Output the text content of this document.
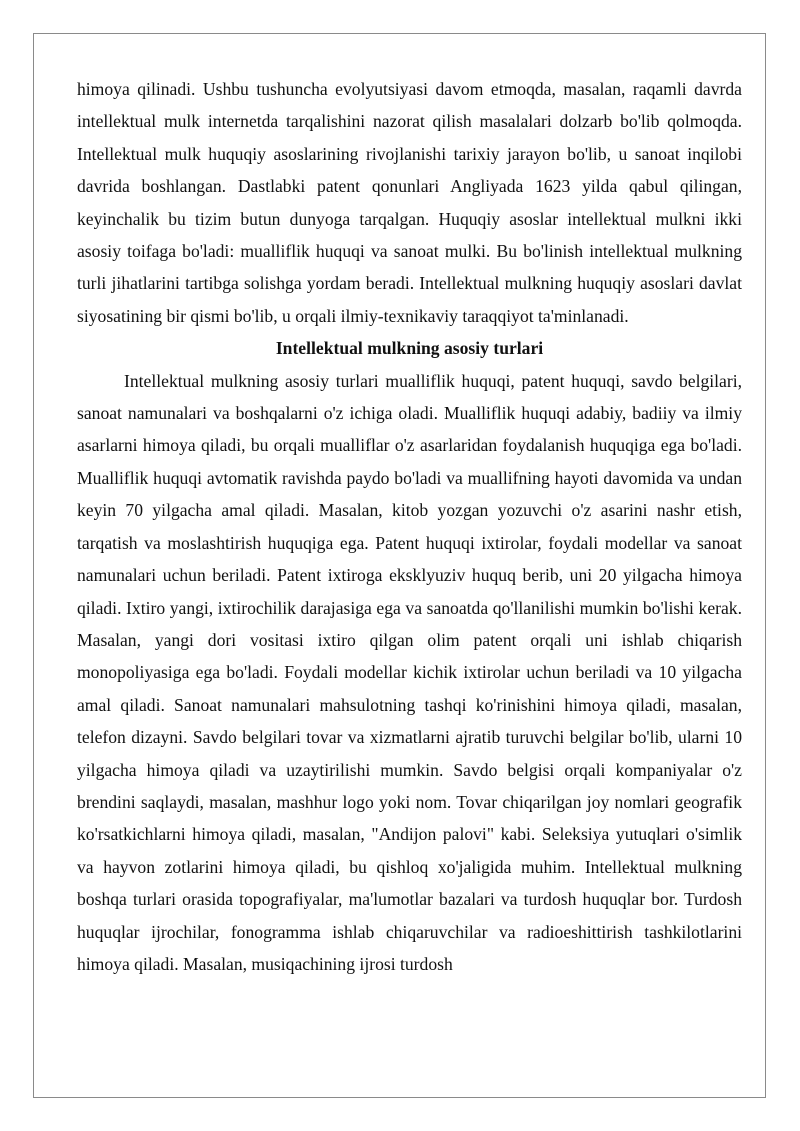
himoya qilinadi. Ushbu tushuncha evolyutsiyasi davom etmoqda, masalan, raqamli davrda intellektual mulk internetda tarqalishini nazorat qilish masalalari dolzarb bo'lib qolmoqda. Intellektual mulk huquqiy asoslarining rivojlanishi tarixiy jarayon bo'lib, u sanoat inqilobi davrida boshlangan. Dastlabki patent qonunlari Angliyada 1623 yilda qabul qilingan, keyinchalik bu tizim butun dunyoga tarqalgan. Huquqiy asoslar intellektual mulkni ikki asosiy toifaga bo'ladi: mualliflik huquqi va sanoat mulki. Bu bo'linish intellektual mulkning turli jihatlarini tartibga solishga yordam beradi. Intellektual mulkning huquqiy asoslari davlat siyosatining bir qismi bo'lib, u orqali ilmiy-texnikaviy taraqqiyot ta'minlanadi.

Intellektual mulkning asosiy turlari

Intellektual mulkning asosiy turlari mualliflik huquqi, patent huquqi, savdo belgilari, sanoat namunalari va boshqalarni o'z ichiga oladi. Mualliflik huquqi adabiy, badiiy va ilmiy asarlarni himoya qiladi, bu orqali mualliflar o'z asarlaridan foydalanish huquqiga ega bo'ladi. Mualliflik huquqi avtomatik ravishda paydo bo'ladi va muallifning hayoti davomida va undan keyin 70 yilgacha amal qiladi. Masalan, kitob yozgan yozuvchi o'z asarini nashr etish, tarqatish va moslashtirish huquqiga ega. Patent huquqi ixtirolar, foydali modellar va sanoat namunalari uchun beriladi. Patent ixtiroga eksklyuziv huquq berib, uni 20 yilgacha himoya qiladi. Ixtiro yangi, ixtirochilik darajasiga ega va sanoatda qo'llanilishi mumkin bo'lishi kerak. Masalan, yangi dori vositasi ixtiro qilgan olim patent orqali uni ishlab chiqarish monopoliyasiga ega bo'ladi. Foydali modellar kichik ixtirolar uchun beriladi va 10 yilgacha amal qiladi. Sanoat namunalari mahsulotning tashqi ko'rinishini himoya qiladi, masalan, telefon dizayni. Savdo belgilari tovar va xizmatlarni ajratib turuvchi belgilar bo'lib, ularni 10 yilgacha himoya qiladi va uzaytirilishi mumkin. Savdo belgisi orqali kompaniyalar o'z brendini saqlaydi, masalan, mashhur logo yoki nom. Tovar chiqarilgan joy nomlari geografik ko'rsatkichlarni himoya qiladi, masalan, "Andijon palovi" kabi. Seleksiya yutuqlari o'simlik va hayvon zotlarini himoya qiladi, bu qishloq xo'jaligida muhim. Intellektual mulkning boshqa turlari orasida topografiyalar, ma'lumotlar bazalari va turdosh huquqlar bor. Turdosh huquqlar ijrochilar, fonogramma ishlab chiqaruvchilar va radioeshittirish tashkilotlarini himoya qiladi. Masalan, musiqachining ijrosi turdosh
